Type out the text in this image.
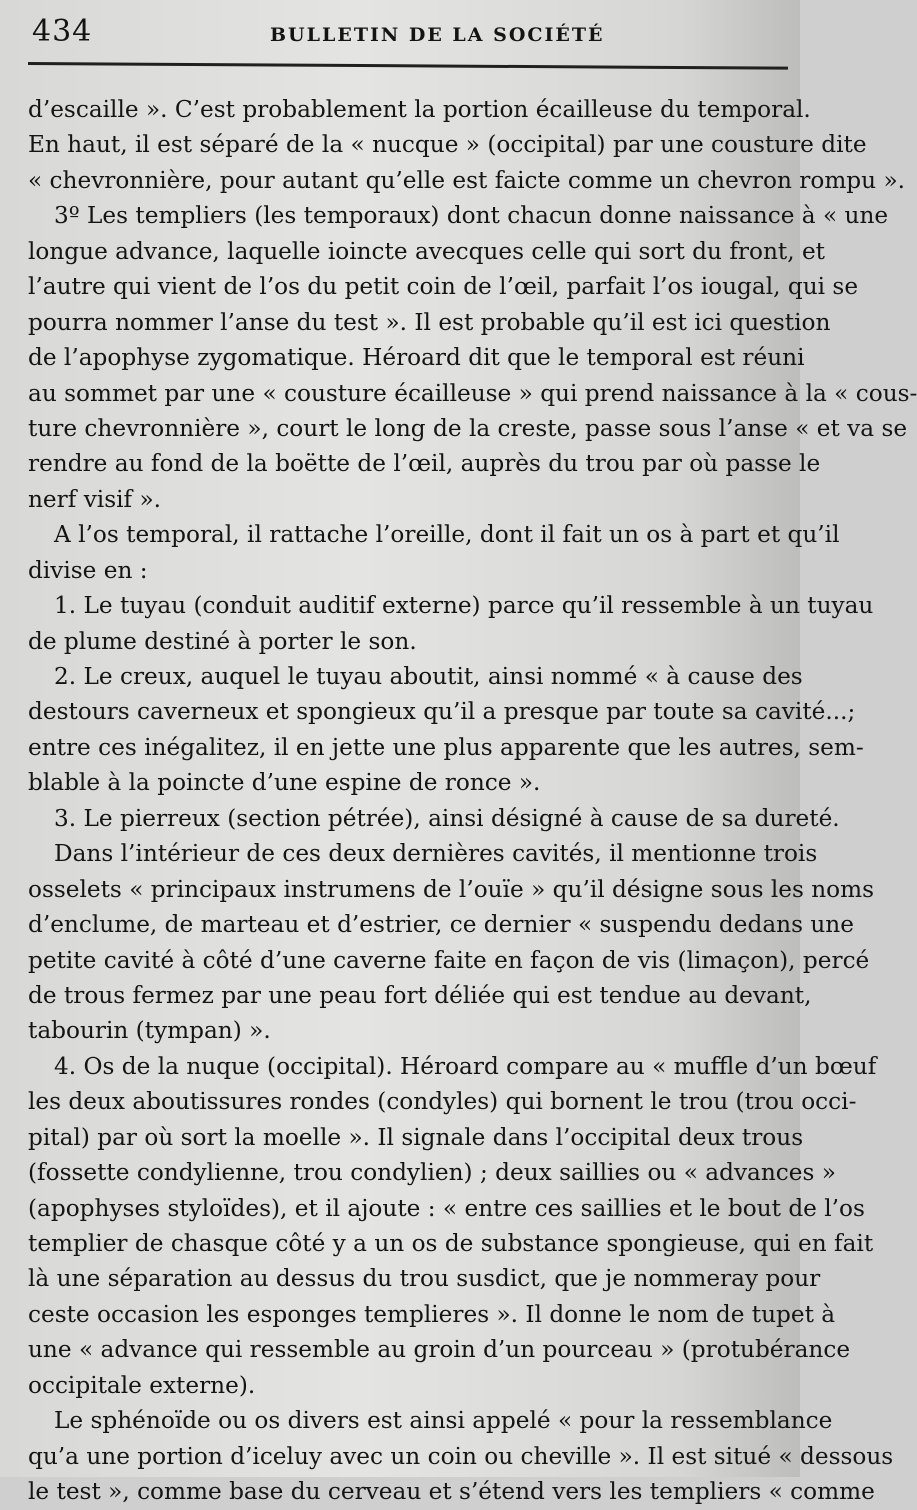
434	BULLETIN DE LA SOCIÉTÉ
d’escaille ». C’est probablement la portion écailleuse du temporal.
En haut, il est séparé de la « nucque » (occipital) par une cousture dite
« chevronnière, pour autant qu’elle est faicte comme un chevron rompu ».
3º Les templiers (les temporaux) dont chacun donne naissance à « une
longue advance, laquelle ioincte avecques celle qui sort du front, et
l’autre qui vient de l’os du petit coin de l’œil, parfait l’os iougal, qui se
pourra nommer l’anse du test ». Il est probable qu’il est ici question
de l’apophyse zygomatique. Héroard dit que le temporal est réuni
au sommet par une « cousture écailleuse » qui prend naissance à la « cous-
ture chevronnière », court le long de la creste, passe sous l’anse « et va se
rendre au fond de la boëtte de l’œil, auprès du trou par où passe le
nerf visif ».
A l’os temporal, il rattache l’oreille, dont il fait un os à part et qu’il
divise en :
1. Le tuyau (conduit auditif externe) parce qu’il ressemble à un tuyau
de plume destiné à porter le son.
2. Le creux, auquel le tuyau aboutit, ainsi nommé « à cause des
destours caverneux et spongieux qu’il a presque par toute sa cavité...;
entre ces inégalitez, il en jette une plus apparente que les autres, sem-
blable à la poincte d’une espine de ronce ».
3. Le pierreux (section pétrée), ainsi désigné à cause de sa dureté.
Dans l’intérieur de ces deux dernières cavités, il mentionne trois
osselets « principaux instrumens de l’ouïe » qu’il désigne sous les noms
d’enclume, de marteau et d’estrier, ce dernier « suspendu dedans une
petite cavité à côté d’une caverne faite en façon de vis (limaçon), percé
de trous fermez par une peau fort déliée qui est tendue au devant,
tabourin (tympan) ».
4. Os de la nuque (occipital). Héroard compare au « muffle d’un bœuf
les deux aboutissures rondes (condyles) qui bornent le trou (trou occi-
pital) par où sort la moelle ». Il signale dans l’occipital deux trous
(fossette condylienne, trou condylien) ; deux saillies ou « advances »
(apophyses styloïdes), et il ajoute : « entre ces saillies et le bout de l’os
templier de chasque côté y a un os de substance spongieuse, qui en fait
là une séparation au dessus du trou susdict, que je nommeray pour
ceste occasion les esponges templieres ». Il donne le nom de tupet à
une « advance qui ressemble au groin d’un pourceau » (protubérance
occipitale externe).
Le sphénoïde ou os divers est ainsi appelé « pour la ressemblance
qu’a une portion d’iceluy avec un coin ou cheville ». Il est situé « dessous
le test », comme base du cerveau et s’étend vers les templiers « comme
